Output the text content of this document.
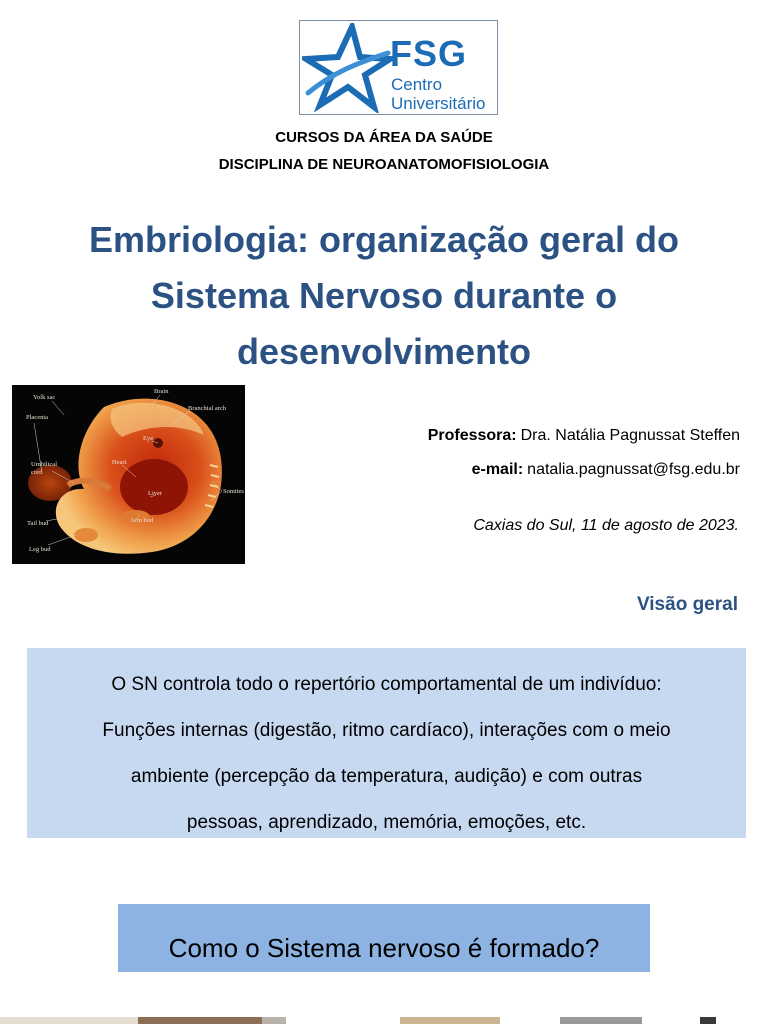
FSG
Centro
Universitário
CURSOS DA ÁREA DA SAÚDE
DISCIPLINA DE NEUROANATOMOFISIOLOGIA
Embriologia: organização geral do
Sistema Nervoso durante o
desenvolvimento
Yolk sac
Brain
Branchial arch
Placenta
Eye
Umbilical
cord
Heart
Somites
Liver
Tail bud	Arm bud
Leg bud
Professora: Dra. Natália Pagnussat Steffen
e-mail: natalia.pagnussat@fsg.edu.br
Caxias do Sul, 11 de agosto de 2023.
Visão geral
O SN controla todo o repertório comportamental de um indivíduo:
Funções internas (digestão, ritmo cardíaco), interações com o meio
ambiente (percepção da temperatura, audição) e com outras
pessoas, aprendizado, memória, emoções, etc.
Como o Sistema nervoso é formado?
